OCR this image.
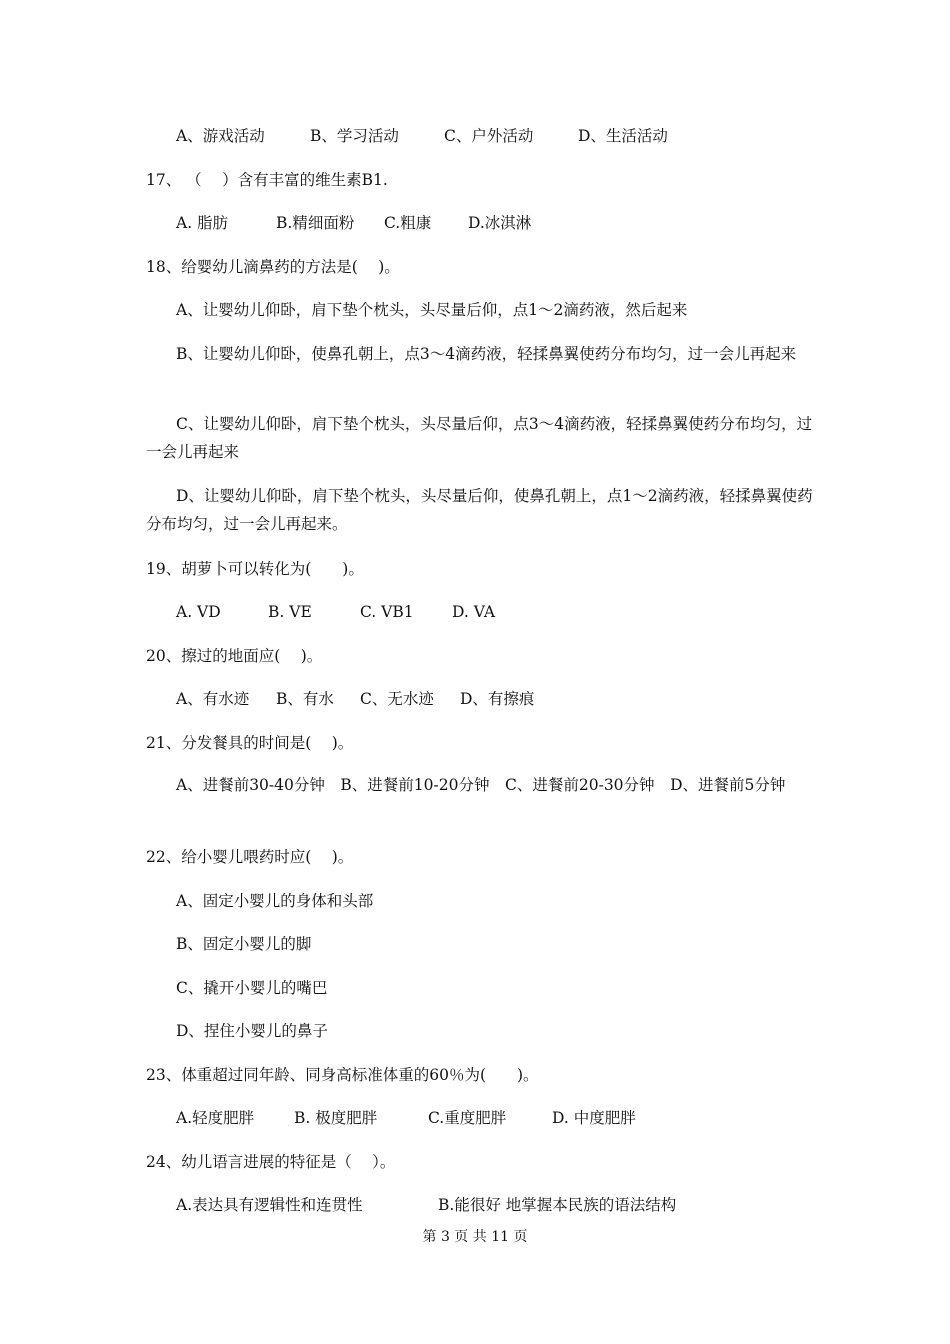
A、游戏活动	B、学习活动	C、户外活动	D、生活活动
17、 （　 ）含有丰富的维生素B1.
A. 脂肪	B.精细面粉 C.粗康 D.冰淇淋
18、给婴幼儿滴鼻药的方法是(　 )。
A、让婴幼儿仰卧，肩下垫个枕头，头尽量后仰，点1～2滴药液，然后起来
B、让婴幼儿仰卧，使鼻孔朝上，点3～4滴药液，轻揉鼻翼使药分布均匀，过一会儿再起来
C、让婴幼儿仰卧，肩下垫个枕头，头尽量后仰，点3～4滴药液，轻揉鼻翼使药分布均匀，过一会儿再起来
D、让婴幼儿仰卧，肩下垫个枕头，头尽量后仰，使鼻孔朝上，点1～2滴药液，轻揉鼻翼使药分布均匀，过一会儿再起来。
19、胡萝卜可以转化为(　　)。
A. VD	B. VE	C. VB1 D. VA
20、擦过的地面应(　 )。
A、有水迹 B、有水 C、无水迹 D、有擦痕
21、分发餐具的时间是(　 )。
A、进餐前30-40分钟　 B、进餐前10-20分钟　 C、进餐前20-30分钟　 D、进餐前5分钟
22、给小婴儿喂药时应(　 )。
A、固定小婴儿的身体和头部
B、固定小婴儿的脚
C、撬开小婴儿的嘴巴
D、捏住小婴儿的鼻子
23、体重超过同年龄、同身高标准体重的60％为(　　)。
A.轻度肥胖	B. 极度肥胖	C.重度肥胖	D. 中度肥胖
24、幼儿语言进展的特征是（　 ）。
A.表达具有逻辑性和连贯性	B.能很好 地掌握本民族的语法结构
第 3 页 共 11 页
